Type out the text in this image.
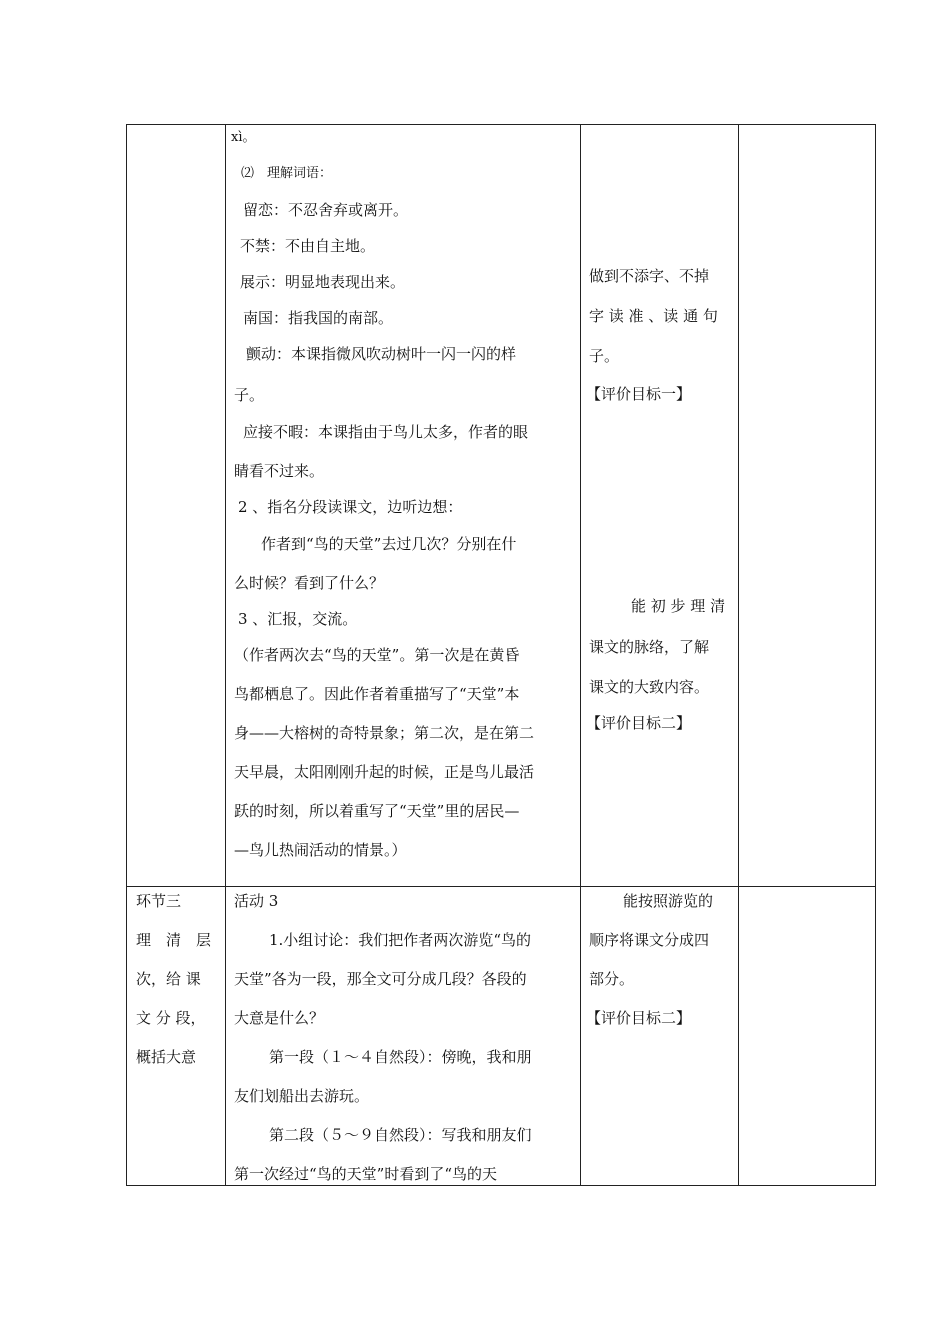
xì。
⑵　理解词语：
留恋：不忍舍弃或离开。
不禁：不由自主地。
展示：明显地表现出来。
南国：指我国的南部。
颤动：本课指微风吹动树叶一闪一闪的样
子。
应接不暇：本课指由于鸟儿太多，作者的眼
睛看不过来。
2 、指名分段读课文，边听边想：
作者到“鸟的天堂”去过几次？分别在什
么时候？看到了什么？
3 、汇报，交流。
（作者两次去“鸟的天堂”。第一次是在黄昏
鸟都栖息了。因此作者着重描写了“天堂”本
身——大榕树的奇特景象；第二次，是在第二
天早晨，太阳刚刚升起的时候，正是鸟儿最活
跃的时刻，所以着重写了“天堂”里的居民—
—鸟儿热闹活动的情景。）
做到不添字、不掉
字 读 准 、读 通 句
子。
【评价目标一】
能 初 步 理 清
课文的脉络，了解
课文的大致内容。
【评价目标二】
环节三
理　清　层
次，给 课
文 分 段，
概括大意
活动 3
1.小组讨论：我们把作者两次游览“鸟的
天堂”各为一段，那全文可分成几段？各段的
大意是什么？
第一段（１～４自然段）：傍晚，我和朋
友们划船出去游玩。
第二段（５～９自然段）：写我和朋友们
第一次经过“鸟的天堂”时看到了“鸟的天
能按照游览的
顺序将课文分成四
部分。
【评价目标二】
